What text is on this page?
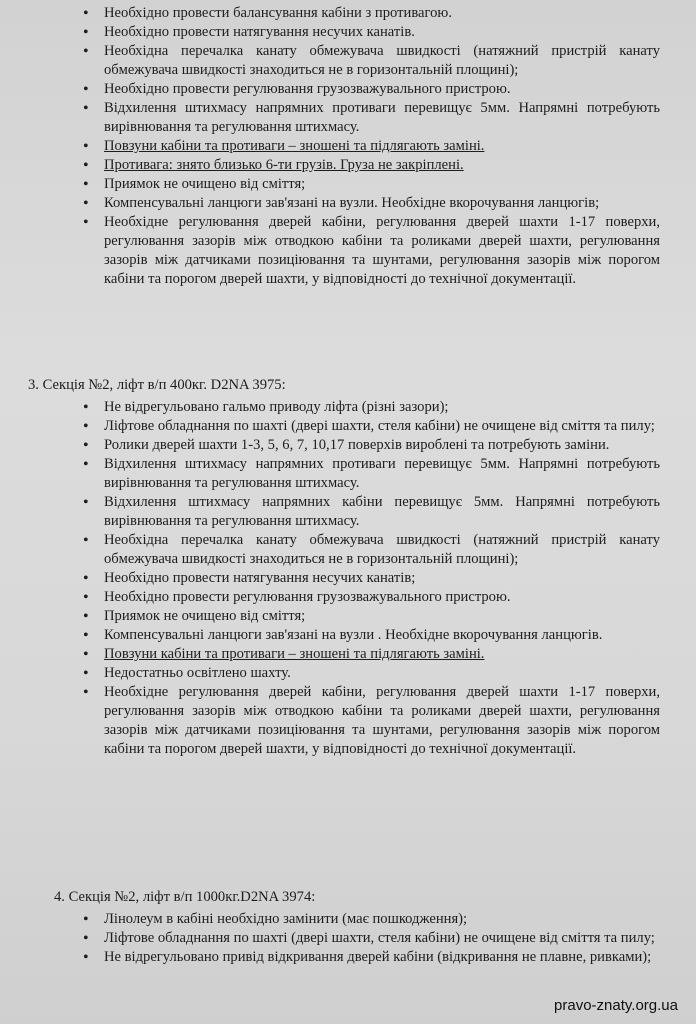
• Необхідно провести балансування кабіни з противагою.
• Необхідно провести натягування несучих канатів.
• Необхідна перечалка канату обмежувача швидкості (натяжний пристрій канату обмежувача швидкості знаходиться не в горизонтальній площині);
• Необхідно провести регулювання грузозважувального пристрою.
• Відхилення штихмасу напрямних противаги перевищує 5мм. Напрямні потребують вирівнювання та регулювання штихмасу.
• Повзуни кабіни та противаги – зношені та підлягають заміні.
• Противага: знято близько 6-ти грузів. Груза не закріплені.
• Приямок не очищено від сміття;
• Компенсувальні ланцюги зав'язані на вузли. Необхідне вкорочування ланцюгів;
• Необхідне регулювання дверей кабіни, регулювання дверей шахти 1-17 поверхи, регулювання зазорів між отводкою кабіни та роликами дверей шахти, регулювання зазорів між датчиками позиціювання та шунтами, регулювання зазорів між порогом кабіни та порогом дверей шахти, у відповідності до технічної документації.
3. Секція №2, ліфт в/п 400кг. D2NA 3975:
• Не відрегульовано гальмо приводу ліфта (різні зазори);
• Ліфтове обладнання по шахті (двері шахти, стеля кабіни) не очищене від сміття та пилу;
• Ролики дверей шахти 1-3, 5, 6, 7, 10,17 поверхів вироблені та потребують заміни.
• Відхилення штихмасу напрямних противаги перевищує 5мм. Напрямні потребують вирівнювання та регулювання штихмасу.
• Відхилення штихмасу напрямних кабіни перевищує 5мм. Напрямні потребують вирівнювання та регулювання штихмасу.
• Необхідна перечалка канату обмежувача швидкості (натяжний пристрій канату обмежувача швидкості знаходиться не в горизонтальній площині);
• Необхідно провести натягування несучих канатів;
• Необхідно провести регулювання грузозважувального пристрою.
• Приямок не очищено від сміття;
• Компенсувальні ланцюги зав'язані на вузли . Необхідне вкорочування ланцюгів.
• Повзуни кабіни та противаги – зношені та підлягають заміні.
• Недостатньо освітлено шахту.
• Необхідне регулювання дверей кабіни, регулювання дверей шахти 1-17 поверхи, регулювання зазорів між отводкою кабіни та роликами дверей шахти, регулювання зазорів між датчиками позиціювання та шунтами, регулювання зазорів між порогом кабіни та порогом дверей шахти, у відповідності до технічної документації.
4. Секція №2, ліфт в/п 1000кг.D2NA 3974:
• Лінолеум в кабіні необхідно замінити (має пошкодження);
• Ліфтове обладнання по шахті (двері шахти, стеля кабіни) не очищене від сміття та пилу;
• Не відрегульовано привід відкривання дверей кабіни (відкривання не плавне, ривками);
pravo-znaty.org.ua
